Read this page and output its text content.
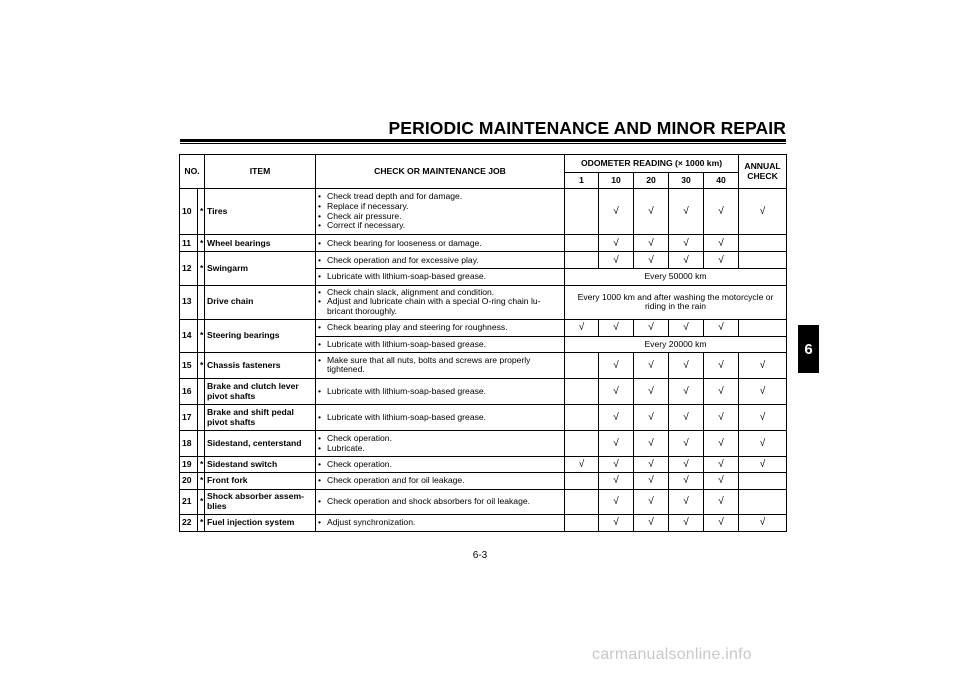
PERIODIC MAINTENANCE AND MINOR REPAIR
NO.		ITEM	CHECK OR MAINTENANCE JOB	ODOMETER READING (× 1000 km)					ANNUAL CHECK
				1	10	20	30	40	
10	*	Tires	• Check tread depth and for damage.
• Replace if necessary.
• Check air pressure.
• Correct if necessary.		√	√	√	√	√
11	*	Wheel bearings	• Check bearing for looseness or damage.		√	√	√	√	
12	*	Swingarm	• Check operation and for excessive play.		√	√	√	√	

			• Lubricate with lithium-soap-based grease.	Every 50000 km					
13		Drive chain	• Check chain slack, alignment and condition.
• Adjust and lubricate chain with a special O-ring chain lu-bricant thoroughly.	Every 1000 km and after washing the motorcycle or riding in the rain					
14	*	Steering bearings	• Check bearing play and steering for roughness.	√	√	√	√	√	

			• Lubricate with lithium-soap-based grease.	Every 20000 km					
15	*	Chassis fasteners	• Make sure that all nuts, bolts and screws are properly tightened.		√	√	√	√	√
16		Brake and clutch lever pivot shafts	• Lubricate with lithium-soap-based grease.		√	√	√	√	√
17		Brake and shift pedal pivot shafts	• Lubricate with lithium-soap-based grease.		√	√	√	√	√
18		Sidestand, centerstand	• Check operation.
• Lubricate.		√	√	√	√	√
19	*	Sidestand switch	• Check operation.	√	√	√	√	√	√
20	*	Front fork	• Check operation and for oil leakage.		√	√	√	√	
21	*	Shock absorber assem-blies	• Check operation and shock absorbers for oil leakage.		√	√	√	√	
22	*	Fuel injection system	• Adjust synchronization.		√	√	√	√	√
6
6-3
carmanualsonline.info
